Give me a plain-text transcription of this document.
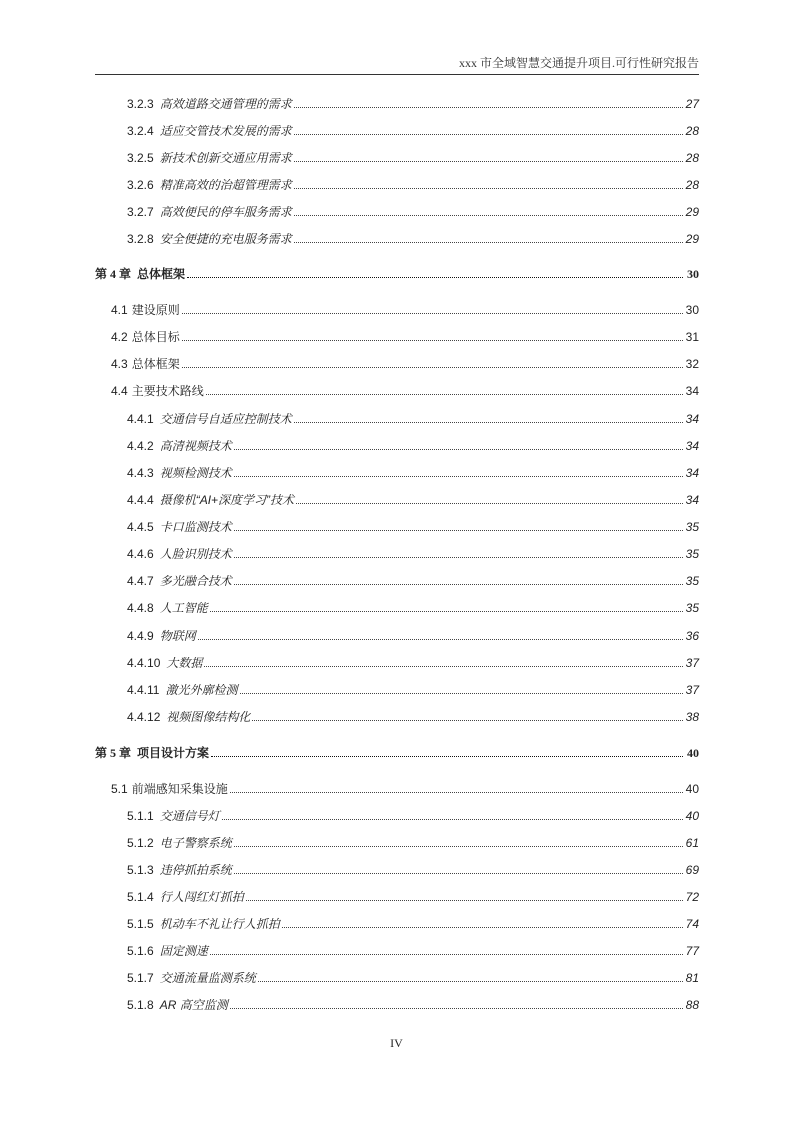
xxx 市全域智慧交通提升项目.可行性研究报告
3.2.3 高效道路交通管理的需求	27
3.2.4 适应交管技术发展的需求	28
3.2.5 新技术创新交通应用需求	28
3.2.6 精准高效的治超管理需求	28
3.2.7 高效便民的停车服务需求	29
3.2.8 安全便捷的充电服务需求	29
第 4 章 总体框架	30
4.1 建设原则	30
4.2 总体目标	31
4.3 总体框架	32
4.4 主要技术路线	34
4.4.1 交通信号自适应控制技术	34
4.4.2 高清视频技术	34
4.4.3 视频检测技术	34
4.4.4 摄像机“AI+深度学习”技术	34
4.4.5 卡口监测技术	35
4.4.6 人脸识别技术	35
4.4.7 多光融合技术	35
4.4.8 人工智能	35
4.4.9 物联网	36
4.4.10 大数据	37
4.4.11 激光外廓检测	37
4.4.12 视频图像结构化	38
第 5 章 项目设计方案	40
5.1 前端感知采集设施	40
5.1.1 交通信号灯	40
5.1.2 电子警察系统	61
5.1.3 违停抓拍系统	69
5.1.4 行人闯红灯抓拍	72
5.1.5 机动车不礼让行人抓拍	74
5.1.6 固定测速	77
5.1.7 交通流量监测系统	81
5.1.8 AR 高空监测	88
IV
